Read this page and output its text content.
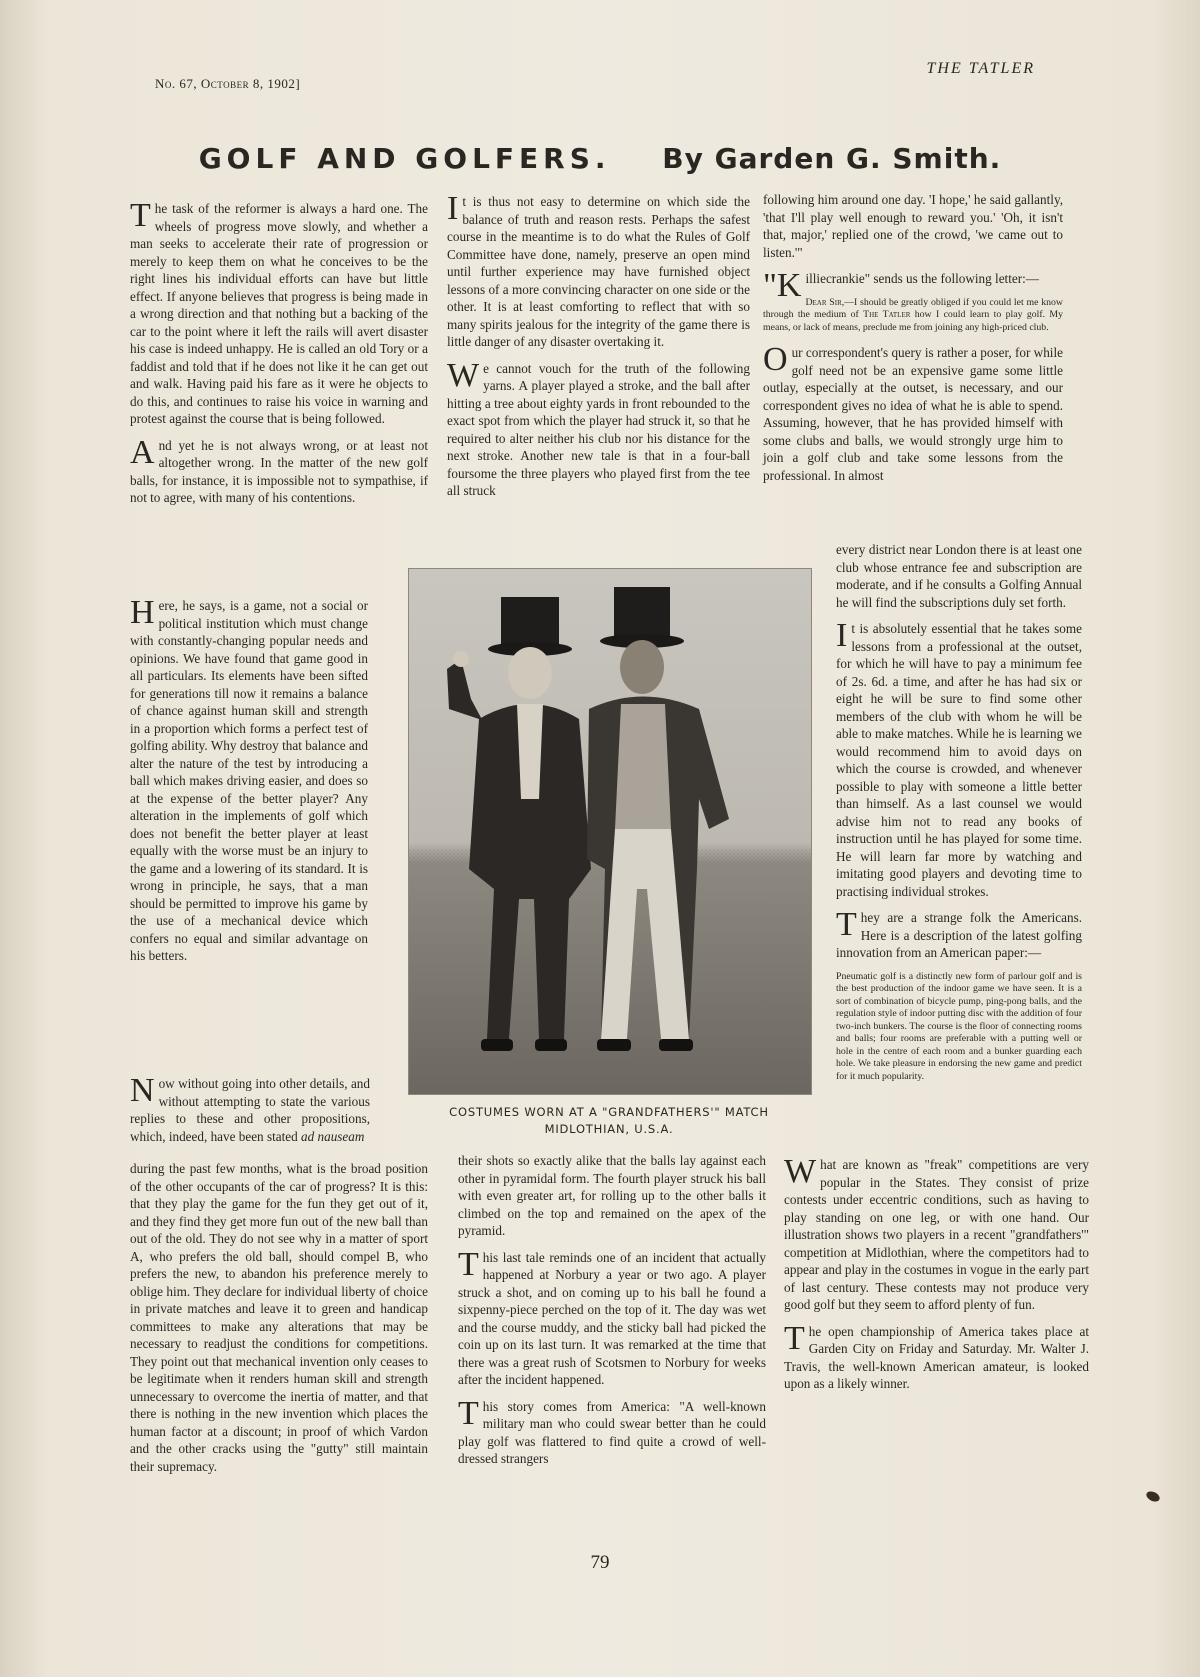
No. 67, October 8, 1902]
THE TATLER
GOLF AND GOLFERS. By Garden G. Smith.

The task of the reformer is always a hard one. The wheels of progress move slowly, and whether a man seeks to accelerate their rate of progression or merely to keep them on what he conceives to be the right lines his individual efforts can have but little effect. If anyone believes that progress is being made in a wrong direction and that nothing but a backing of the car to the point where it left the rails will avert disaster his case is indeed unhappy. He is called an old Tory or a faddist and told that if he does not like it he can get out and walk. Having paid his fare as it were he objects to do this, and continues to raise his voice in warning and protest against the course that is being followed.

And yet he is not always wrong, or at least not altogether wrong. In the matter of the new golf balls, for instance, it is impossible not to sympathise, if not to agree, with many of his contentions.

Here, he says, is a game, not a social or political institution which must change with constantly-changing popular needs and opinions. We have found that game good in all particulars. Its elements have been sifted for generations till now it remains a balance of chance against human skill and strength in a proportion which forms a perfect test of golfing ability. Why destroy that balance and alter the nature of the test by introducing a ball which makes driving easier, and does so at the expense of the better player? Any alteration in the implements of golf which does not benefit the better player at least equally with the worse must be an injury to the game and a lowering of its standard. It is wrong in principle, he says, that a man should be permitted to improve his game by the use of a mechanical device which confers no equal and similar advantage on his betters.

Now without going into other details, and without attempting to state the various replies to these and other propositions, which, indeed, have been stated ad nauseam

during the past few months, what is the broad position of the other occupants of the car of progress? It is this: that they play the game for the fun they get out of it, and they find they get more fun out of the new ball than out of the old. They do not see why in a matter of sport A, who prefers the old ball, should compel B, who prefers the new, to abandon his preference merely to oblige him. They declare for individual liberty of choice in private matches and leave it to green and handicap committees to make any alterations that may be necessary to readjust the conditions for competitions. They point out that mechanical invention only ceases to be legitimate when it renders human skill and strength unnecessary to overcome the inertia of matter, and that there is nothing in the new invention which places the human factor at a discount; in proof of which Vardon and the other cracks using the "gutty" still maintain their supremacy.

It is thus not easy to determine on which side the balance of truth and reason rests. Perhaps the safest course in the meantime is to do what the Rules of Golf Committee have done, namely, preserve an open mind until further experience may have furnished object lessons of a more convincing character on one side or the other. It is at least comforting to reflect that with so many spirits jealous for the integrity of the game there is little danger of any disaster overtaking it.

We cannot vouch for the truth of the following yarns. A player played a stroke, and the ball after hitting a tree about eighty yards in front rebounded to the exact spot from which the player had struck it, so that he required to alter neither his club nor his distance for the next stroke. Another new tale is that in a four-ball foursome the three players who played first from the tee all struck

their shots so exactly alike that the balls lay against each other in pyramidal form. The fourth player struck his ball with even greater art, for rolling up to the other balls it climbed on the top and remained on the apex of the pyramid.

This last tale reminds one of an incident that actually happened at Norbury a year or two ago. A player struck a shot, and on coming up to his ball he found a sixpenny-piece perched on the top of it. The day was wet and the course muddy, and the sticky ball had picked the coin up on its last turn. It was remarked at the time that there was a great rush of Scotsmen to Norbury for weeks after the incident happened.

This story comes from America: "A well-known military man who could swear better than he could play golf was flattered to find quite a crowd of well-dressed strangers

following him around one day. 'I hope,' he said gallantly, 'that I'll play well enough to reward you.' 'Oh, it isn't that, major,' replied one of the crowd, 'we came out to listen.'"

"Killiecrankie" sends us the following letter:—

Dear Sir,—I should be greatly obliged if you could let me know through the medium of The Tatler how I could learn to play golf. My means, or lack of means, preclude me from joining any high-priced club.

Our correspondent's query is rather a poser, for while golf need not be an expensive game some little outlay, especially at the outset, is necessary, and our correspondent gives no idea of what he is able to spend. Assuming, however, that he has provided himself with some clubs and balls, we would strongly urge him to join a golf club and take some lessons from the professional. In almost

every district near London there is at least one club whose entrance fee and subscription are moderate, and if he consults a Golfing Annual he will find the subscriptions duly set forth.

It is absolutely essential that he takes some lessons from a professional at the outset, for which he will have to pay a minimum fee of 2s. 6d. a time, and after he has had six or eight he will be sure to find some other members of the club with whom he will be able to make matches. While he is learning we would recommend him to avoid days on which the course is crowded, and whenever possible to play with someone a little better than himself. As a last counsel we would advise him not to read any books of instruction until he has played for some time. He will learn far more by watching and imitating good players and devoting time to practising individual strokes.

They are a strange folk the Americans. Here is a description of the latest golfing innovation from an American paper:—

Pneumatic golf is a distinctly new form of parlour golf and is the best production of the indoor game we have seen. It is a sort of combination of bicycle pump, ping-pong balls, and the regulation style of indoor putting disc with the addition of four two-inch bunkers. The course is the floor of connecting rooms and balls; four rooms are preferable with a putting well or hole in the centre of each room and a bunker guarding each hole. We take pleasure in endorsing the new game and predict for it much popularity.

What are known as "freak" competitions are very popular in the States. They consist of prize contests under eccentric conditions, such as having to play standing on one leg, or with one hand. Our illustration shows two players in a recent "grandfathers'" competition at Midlothian, where the competitors had to appear and play in the costumes in vogue in the early part of last century. These contests may not produce very good golf but they seem to afford plenty of fun.

The open championship of America takes place at Garden City on Friday and Saturday. Mr. Walter J. Travis, the well-known American amateur, is looked upon as a likely winner.

COSTUMES WORN AT A "GRANDFATHERS'" MATCH
MIDLOTHIAN, U.S.A.
79
